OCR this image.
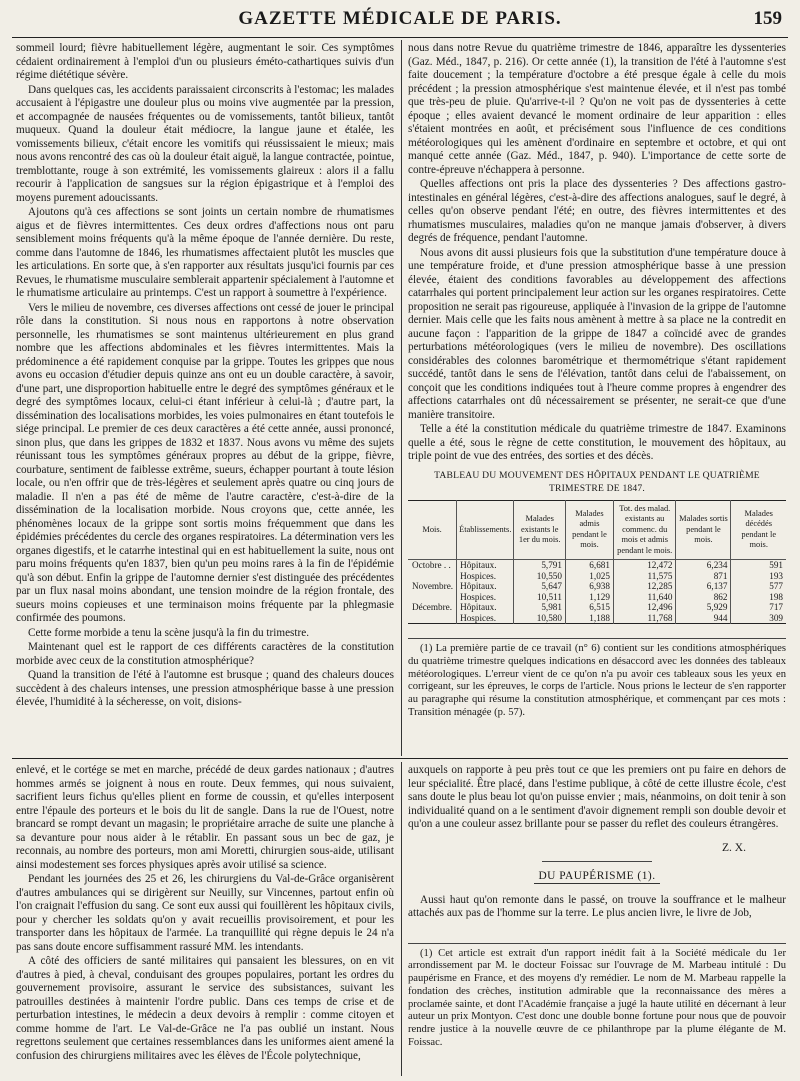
GAZETTE MÉDICALE DE PARIS.	159

sommeil lourd; fièvre habituellement légère, augmentant le soir. Ces symptômes cédaient ordinairement à l'emploi d'un ou plusieurs éméto-cathartiques suivis d'un régime diététique sévère.

Dans quelques cas, les accidents paraissaient circonscrits à l'estomac; les malades accusaient à l'épigastre une douleur plus ou moins vive augmentée par la pression, et accompagnée de nausées fréquentes ou de vomissements, tantôt bilieux, tantôt muqueux. Quand la douleur était médiocre, la langue jaune et étalée, les vomissements bilieux, c'était encore les vomitifs qui réussissaient le mieux; mais nous avons rencontré des cas où la douleur était aiguë, la langue contractée, pointue, tremblottante, rouge à son extrémité, les vomissements glaireux : alors il a fallu recourir à l'application de sangsues sur la région épigastrique et à l'emploi des moyens purement adoucissants.

Ajoutons qu'à ces affections se sont joints un certain nombre de rhumatismes aigus et de fièvres intermittentes. Ces deux ordres d'affections nous ont paru sensiblement moins fréquents qu'à la même époque de l'année dernière. Du reste, comme dans l'automne de 1846, les rhumatismes affectaient plutôt les muscles que les articulations. En sorte que, à s'en rapporter aux résultats jusqu'ici fournis par ces Revues, le rhumatisme musculaire semblerait appartenir spécialement à l'automne et le rhumatisme articulaire au printemps. C'est un rapport à soumettre à l'expérience.

Vers le milieu de novembre, ces diverses affections ont cessé de jouer le principal rôle dans la constitution. Si nous nous en rapportons à notre observation personnelle, les rhumatismes se sont maintenus ultérieurement en plus grand nombre que les affections abdominales et les fièvres intermittentes. Mais la prédominence a été rapidement conquise par la grippe. Toutes les grippes que nous avons eu occasion d'étudier depuis quinze ans ont eu un double caractère, à savoir, d'une part, une disproportion habituelle entre le degré des symptômes généraux et le degré des symptômes locaux, celui-ci étant inférieur à celui-là ; d'autre part, la dissémination des localisations morbides, les voies pulmonaires en étant toutefois le siége principal. Le premier de ces deux caractères a été cette année, aussi prononcé, sinon plus, que dans les grippes de 1832 et 1837. Nous avons vu même des sujets réunissant tous les symptômes généraux propres au début de la grippe, fièvre, courbature, sentiment de faiblesse extrême, sueurs, échapper pourtant à toute lésion locale, ou n'en offrir que de très-légères et seulement après quatre ou cinq jours de maladie. Il n'en a pas été de même de l'autre caractère, c'est-à-dire de la dissémination de la localisation morbide. Nous croyons que, cette année, les phénomènes locaux de la grippe sont sortis moins fréquemment que dans les épidémies précédentes du cercle des organes respiratoires. La détermination vers les organes digestifs, et le catarrhe intestinal qui en est habituellement la suite, nous ont paru moins fréquents qu'en 1837, bien qu'un peu moins rares à la fin de l'épidémie qu'à son début. Enfin la grippe de l'automne dernier s'est distinguée des précédentes par un flux nasal moins abondant, une tension moindre de la région frontale, des sueurs moins copieuses et une terminaison moins fréquente par la phlegmasie confirmée des poumons.

Cette forme morbide a tenu la scène jusqu'à la fin du trimestre.

Maintenant quel est le rapport de ces différents caractères de la constitution morbide avec ceux de la constitution atmosphérique?

Quand la transition de l'été à l'automne est brusque ; quand des chaleurs douces succèdent à des chaleurs intenses, une pression atmosphérique basse à une pression élevée, l'humidité à la sécheresse, on voit, disions-

nous dans notre Revue du quatrième trimestre de 1846, apparaître les dyssenteries (Gaz. Méd., 1847, p. 216). Or cette année (1), la transition de l'été à l'automne s'est faite doucement ; la température d'octobre a été presque égale à celle du mois précédent ; la pression atmosphérique s'est maintenue élevée, et il n'est pas tombé que très-peu de pluie. Qu'arrive-t-il ? Qu'on ne voit pas de dyssenteries à cette époque ; elles avaient devancé le moment ordinaire de leur apparition : elles s'étaient montrées en août, et précisément sous l'influence de ces conditions météorologiques qui les amènent d'ordinaire en septembre et octobre, et qui ont manqué cette année (Gaz. Méd., 1847, p. 940). L'importance de cette sorte de contre-épreuve n'échappera à personne.

Quelles affections ont pris la place des dyssenteries ? Des affections gastro-intestinales en général légères, c'est-à-dire des affections analogues, sauf le degré, à celles qu'on observe pendant l'été; en outre, des fièvres intermittentes et des rhumatismes musculaires, maladies qu'on ne manque jamais d'observer, à divers degrés de fréquence, pendant l'automne.

Nous avons dit aussi plusieurs fois que la substitution d'une température douce à une température froide, et d'une pression atmosphérique basse à une pression élevée, étaient des conditions favorables au développement des affections catarrhales qui portent principalement leur action sur les organes respiratoires. Cette proposition ne serait pas rigoureuse, appliquée à l'invasion de la grippe de l'automne dernier. Mais celle que les faits nous amènent à mettre à sa place ne la contredit en aucune façon : l'apparition de la grippe de 1847 a coïncidé avec de grandes perturbations météorologiques (vers le milieu de novembre). Des oscillations considérables des colonnes barométrique et thermométrique s'étant rapidement succédé, tantôt dans le sens de l'élévation, tantôt dans celui de l'abaissement, on conçoit que les conditions indiquées tout à l'heure comme propres à engendrer des affections catarrhales ont dû nécessairement se présenter, ne serait-ce que d'une manière transitoire.

Telle a été la constitution médicale du quatrième trimestre de 1847. Examinons quelle a été, sous le règne de cette constitution, le mouvement des hôpitaux, au triple point de vue des entrées, des sorties et des décès.

TABLEAU DU MOUVEMENT DES HÔPITAUX PENDANT LE QUATRIÈME TRIMESTRE DE 1847.
Mois.	Établissements.	Malades existants le 1er du mois.	Malades admis pendant le mois.	Tot. des malad. existants au commenc. du mois et admis pendant le mois.	Malades sortis pendant le mois.	Malades décédés pendant le mois.
Octobre . .	Hôpitaux.	5,791	6,681	12,472	6,234	591
	Hospices.	10,550	1,025	11,575	871	193
Novembre.	Hôpitaux.	5,647	6,938	12,285	6,137	577
	Hospices.	10,511	1,129	11,640	862	198
Décembre.	Hôpitaux.	5,981	6,515	12,496	5,929	717
	Hospices.	10,580	1,188	11,768	944	309

(1) La première partie de ce travail (n° 6) contient sur les conditions atmosphériques du quatrième trimestre quelques indications en désaccord avec les données des tableaux météorologiques. L'erreur vient de ce qu'on n'a pu avoir ces tableaux sous les yeux en corrigeant, sur les épreuves, le corps de l'article. Nous prions le lecteur de s'en rapporter au paragraphe qui résume la constitution atmosphérique, et commençant par ces mots : Transition ménagée (p. 57).

enlevé, et le cortége se met en marche, précédé de deux gardes nationaux ; d'autres hommes armés se joignent à nous en route. Deux femmes, qui nous suivaient, sacrifient leurs fichus qu'elles plient en forme de coussin, et qu'elles interposent entre l'épaule des porteurs et le bois du lit de sangle. Dans la rue de l'Ouest, notre brancard se rompt devant un magasin; le propriétaire arrache de suite une planche à sa devanture pour nous aider à le rétablir. En passant sous un bec de gaz, je reconnais, au nombre des porteurs, mon ami Moretti, chirurgien sous-aide, utilisant ainsi modestement ses forces physiques après avoir utilisé sa science.

Pendant les journées des 25 et 26, les chirurgiens du Val-de-Grâce organisèrent d'autres ambulances qui se dirigèrent sur Neuilly, sur Vincennes, partout enfin où l'on craignait l'effusion du sang. Ce sont eux aussi qui fouillèrent les hôpitaux civils, pour y chercher les soldats qu'on y avait recueillis provisoirement, et pour les transporter dans les hôpitaux de l'armée. La tranquillité qui règne depuis le 24 n'a pas sans doute encore suffisamment rassuré MM. les intendants.

A côté des officiers de santé militaires qui pansaient les blessures, on en vit d'autres à pied, à cheval, conduisant des groupes populaires, portant les ordres du gouvernement provisoire, assurant le service des subsistances, suivant les patrouilles destinées à maintenir l'ordre public. Dans ces temps de crise et de perturbation intestines, le médecin a deux devoirs à remplir : comme citoyen et comme homme de l'art. Le Val-de-Grâce ne l'a pas oublié un instant. Nous regrettons seulement que certaines ressemblances dans les uniformes aient amené la confusion des chirurgiens militaires avec les élèves de l'École polytechnique,

auxquels on rapporte à peu près tout ce que les premiers ont pu faire en dehors de leur spécialité. Être placé, dans l'estime publique, à côté de cette illustre école, c'est sans doute le plus beau lot qu'on puisse envier ; mais, néanmoins, on doit tenir à son individualité quand on a le sentiment d'avoir dignement rempli son double devoir et qu'on a une couleur assez brillante pour se passer du reflet des couleurs étrangères.

Z. X.
DU PAUPÉRISME (1).

Aussi haut qu'on remonte dans le passé, on trouve la souffrance et le malheur attachés aux pas de l'homme sur la terre. Le plus ancien livre, le livre de Job,

(1) Cet article est extrait d'un rapport inédit fait à la Société médicale du 1er arrondissement par M. le docteur Foissac sur l'ouvrage de M. Marbeau intitulé : Du paupérisme en France, et des moyens d'y remédier. Le nom de M. Marbeau rappelle la fondation des crèches, institution admirable que la reconnaissance des mères a proclamée sainte, et dont l'Académie française a jugé la haute utilité en décernant à leur auteur un prix Montyon. C'est donc une double bonne fortune pour nous que de pouvoir rendre justice à la nouvelle œuvre de ce philanthrope par la plume élégante de M. Foissac.
